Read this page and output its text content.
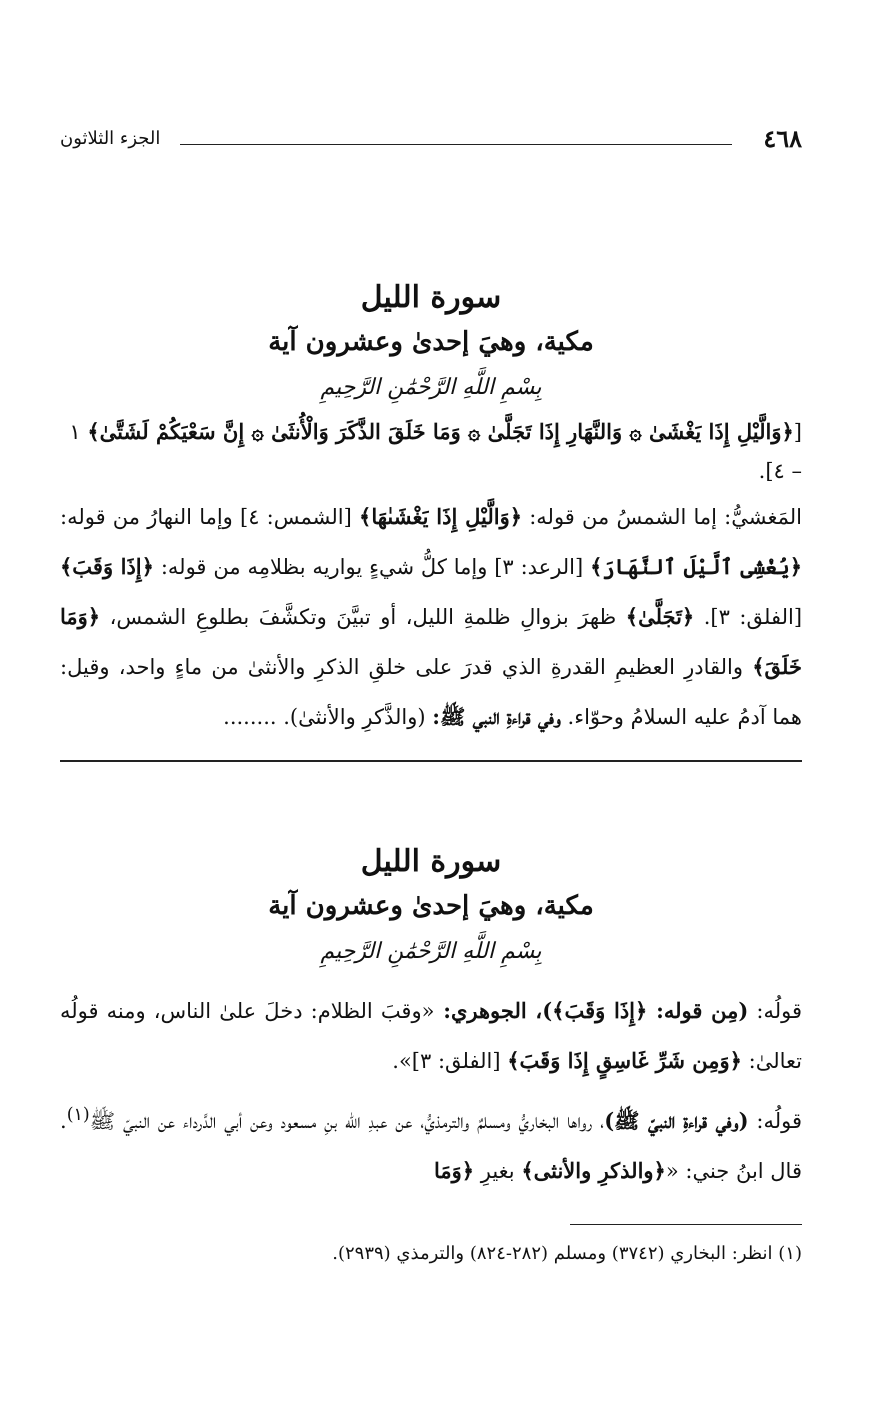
٤٦٨
الجزء الثلاثون
سورة الليل
مكية، وهيَ إحدىٰ وعشرون آية
بِسْمِ اللَّهِ الرَّحْمَٰنِ الرَّحِيمِ

[﴿وَالَّيْلِ إِذَا يَغْشَىٰ ۞ وَالنَّهَارِ إِذَا تَجَلَّىٰ ۞ وَمَا خَلَقَ الذَّكَرَ وَالْأُنثَىٰ ۞ إِنَّ سَعْيَكُمْ لَشَتَّىٰ﴾ ١ – ٤].

المَغشيُّ: إما الشمسُ من قوله: ﴿وَالَّيْلِ إِذَا يَغْشَىٰهَا﴾ [الشمس: ٤] وإما النهارُ من قوله: ﴿يُغْشِى ٱلَّيْلَ ٱلنَّهَارَ﴾ [الرعد: ٣] وإما كلُّ شيءٍ يواريه بظلامِه من قوله: ﴿إِذَا وَقَبَ﴾ [الفلق: ٣]. ﴿تَجَلَّىٰ﴾ ظهرَ بزوالِ ظلمةِ الليل، أو تبيَّنَ وتكشَّفَ بطلوعِ الشمس، ﴿وَمَا خَلَقَ﴾ والقادرِ العظيمِ القدرةِ الذي قدرَ على خلقِ الذكرِ والأنثىٰ من ماءٍ واحد، وقيل: هما آدمُ عليه السلامُ وحوّاء. وفي قراءةِ النبي ﷺ: (والذَّكرِ والأنثىٰ). ........

سورة الليل
مكية، وهيَ إحدىٰ وعشرون آية
بِسْمِ اللَّهِ الرَّحْمَٰنِ الرَّحِيمِ

قولُه: (مِن قوله: ﴿إِذَا وَقَبَ﴾)، الجوهري: «وقبَ الظلام: دخلَ علىٰ الناس، ومنه قولُه تعالىٰ: ﴿وَمِن شَرِّ غَاسِقٍ إِذَا وَقَبَ﴾ [الفلق: ٣]».

قولُه: (وفي قراءةِ النبيّ ﷺ)، رواها البخاريُّ ومسلمٌ والترمذيُّ، عن عبدِ الله بنِ مسعود وعن أبي الدَّرداء عن النبيّ ﷺ$^{(١)}$. قال ابنُ جني: «﴿والذكرِ والأنثى﴾ بغيرِ ﴿وَمَا

(١) انظر: البخاري (٣٧٤٢) ومسلم (٢٨٢-٨٢٤) والترمذي (٢٩٣٩).
